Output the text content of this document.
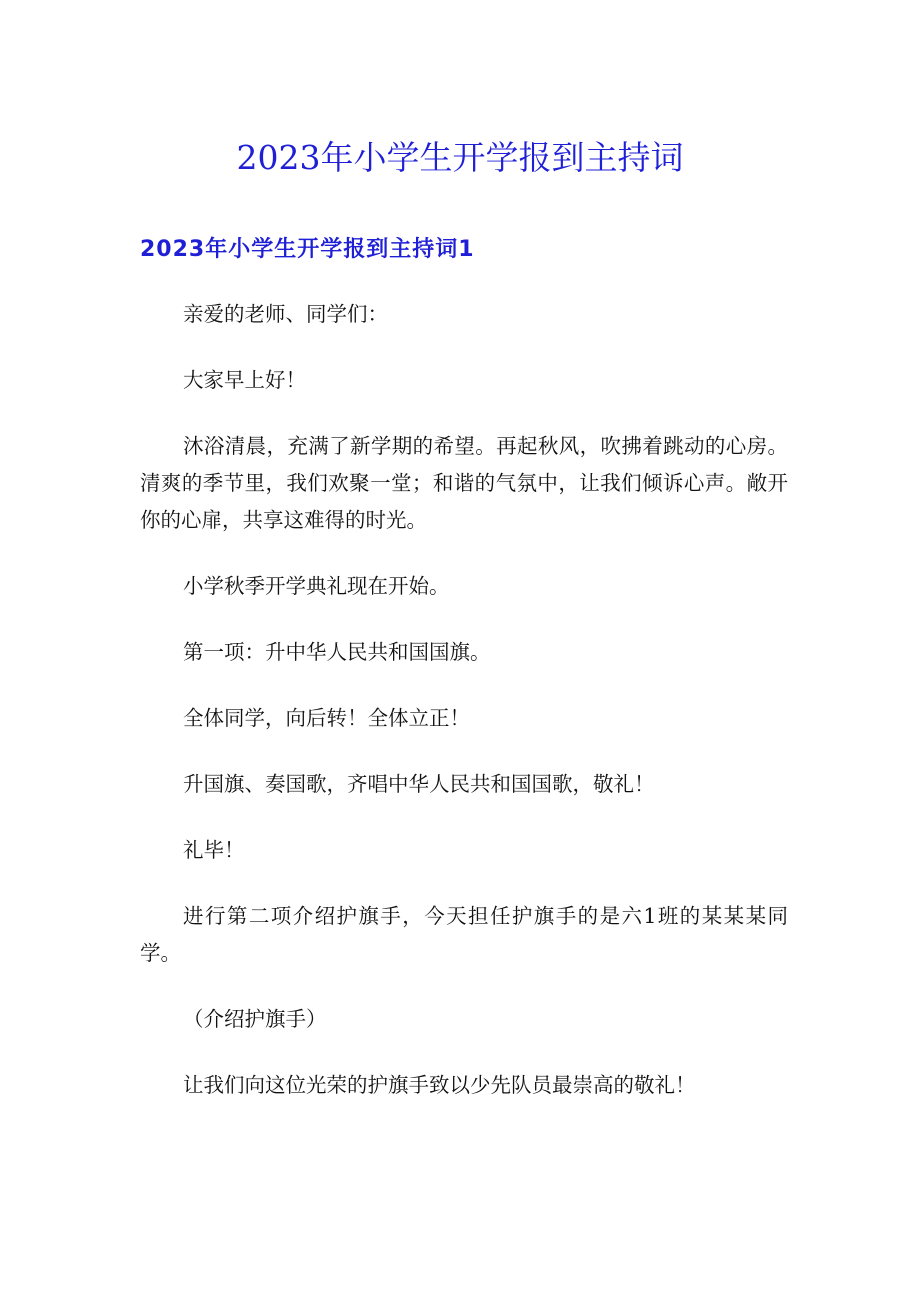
2023年小学生开学报到主持词
2023年小学生开学报到主持词1

亲爱的老师、同学们：

大家早上好！

沐浴清晨，充满了新学期的希望。再起秋风，吹拂着跳动的心房。清爽的季节里，我们欢聚一堂；和谐的气氛中，让我们倾诉心声。敞开你的心扉，共享这难得的时光。

小学秋季开学典礼现在开始。

第一项：升中华人民共和国国旗。

全体同学，向后转！全体立正！

升国旗、奏国歌，齐唱中华人民共和国国歌，敬礼！

礼毕！

进行第二项介绍护旗手，今天担任护旗手的是六1班的某某某同学。

（介绍护旗手）

让我们向这位光荣的护旗手致以少先队员最崇高的敬礼！
